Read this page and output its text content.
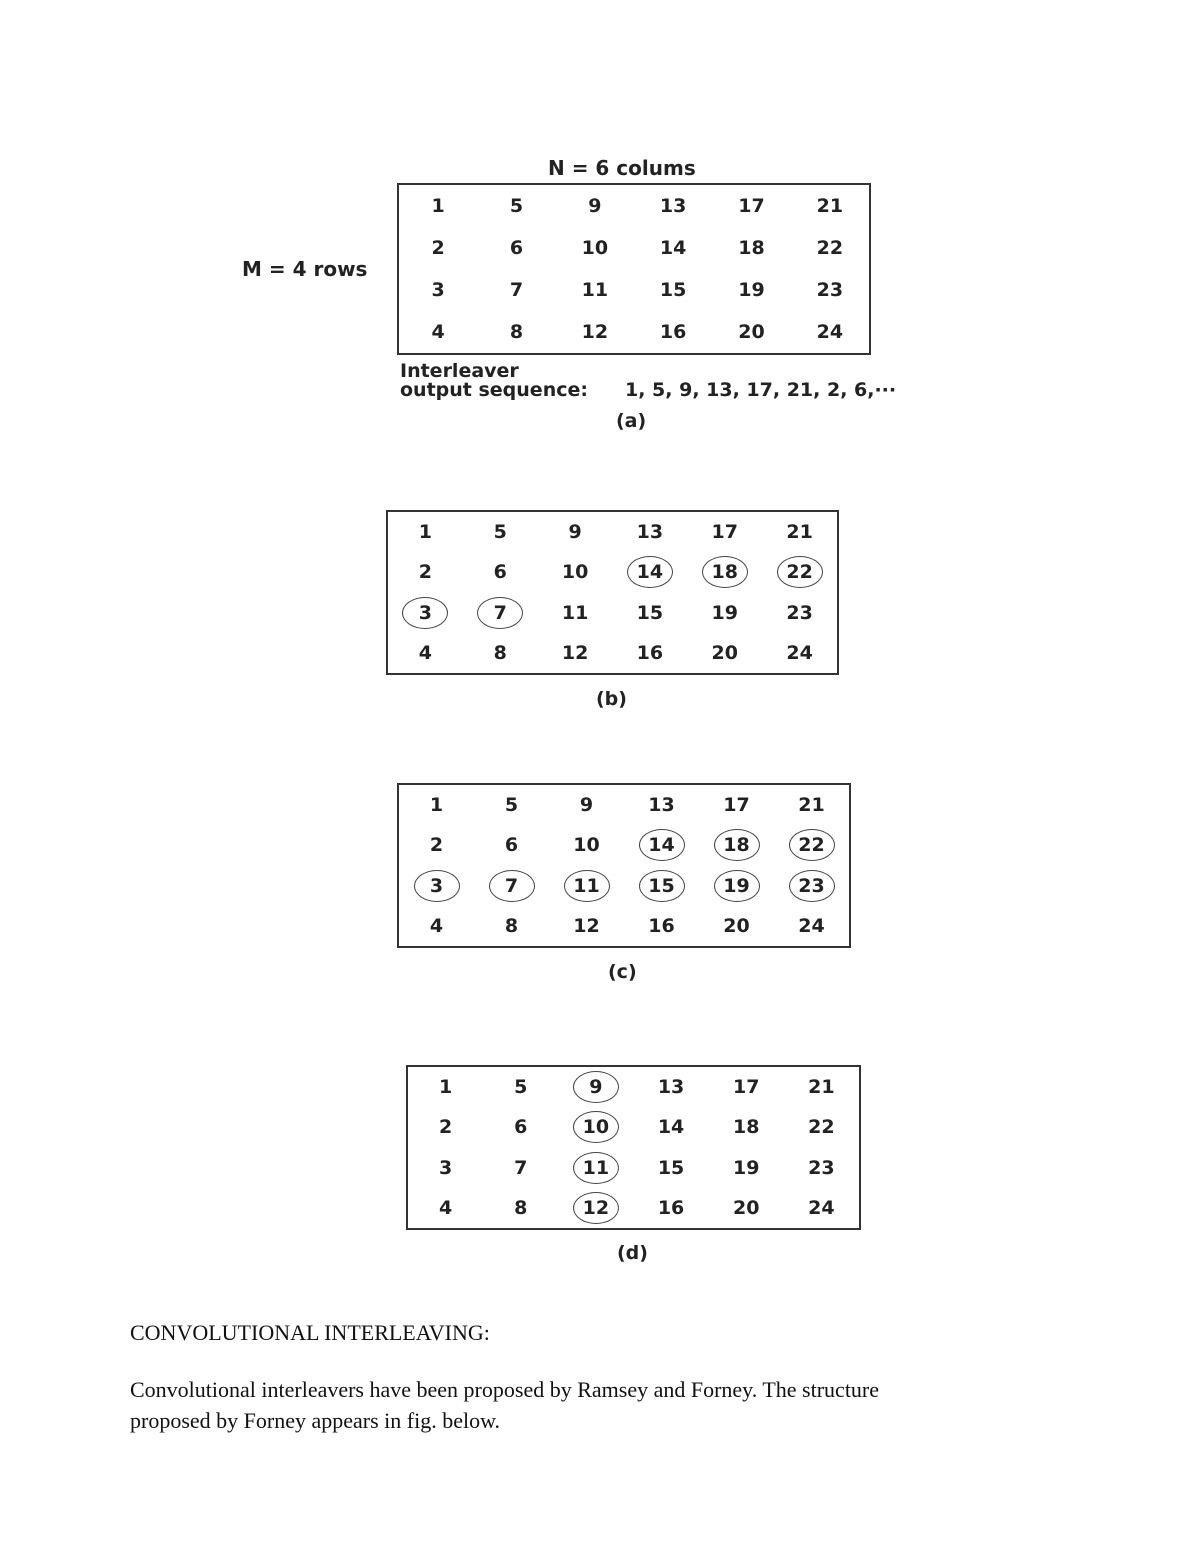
N = 6 colums
M = 4 rows
1	5	9	13	17	21
2	6	10	14	18	22
3	7	11	15	19	23
4	8	12	16	20	24
Interleaver
output sequence: 1, 5, 9, 13, 17, 21, 2, 6,···
(a)
1	5	9	13	17	21
2	6	10	14	18	22
3	7	11	15	19	23
4	8	12	16	20	24
(b)
1	5	9	13	17	21
2	6	10	14	18	22
3	7	11	15	19	23
4	8	12	16	20	24
(c)
1	5	9	13	17	21
2	6	10	14	18	22
3	7	11	15	19	23
4	8	12	16	20	24
(d)
CONVOLUTIONAL INTERLEAVING:
Convolutional interleavers have been proposed by Ramsey and Forney. The structure
proposed by Forney appears in fig. below.
